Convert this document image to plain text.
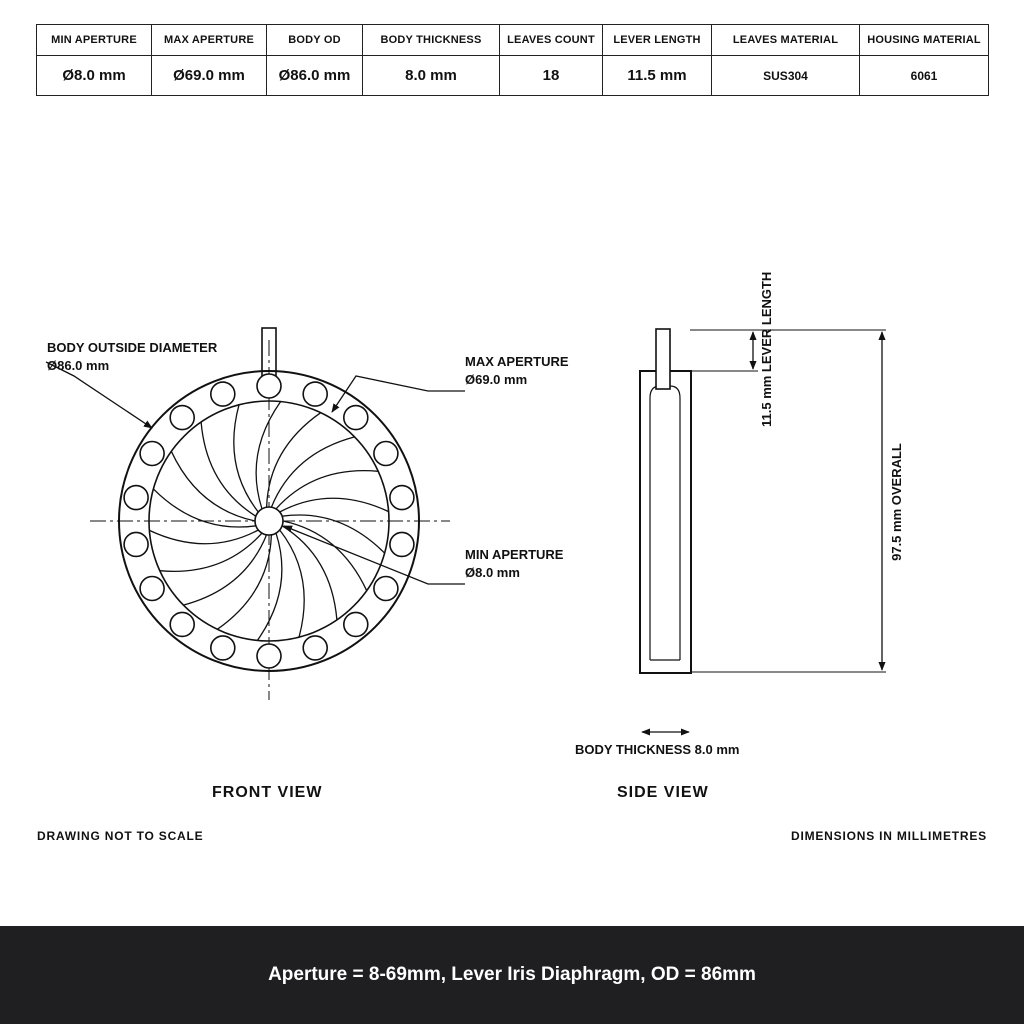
MIN APERTURE	MAX APERTURE	BODY OD	BODY THICKNESS	LEAVES COUNT	LEVER LENGTH	LEAVES MATERIAL	HOUSING MATERIAL
Ø8.0 mm	Ø69.0 mm	Ø86.0 mm	8.0 mm	18	11.5 mm	SUS304	6061
BODY OUTSIDE DIAMETER
Ø86.0 mm	MAX APERTURE
Ø69.0 mm
MIN APERTURE
Ø8.0 mm
11.5 mm LEVER LENGTH
97.5 mm OVERALL
BODY THICKNESS 8.0 mm
FRONT VIEW	SIDE VIEW
DRAWING NOT TO SCALE	DIMENSIONS IN MILLIMETRES
Aperture = 8-69mm, Lever Iris Diaphragm, OD = 86mm
